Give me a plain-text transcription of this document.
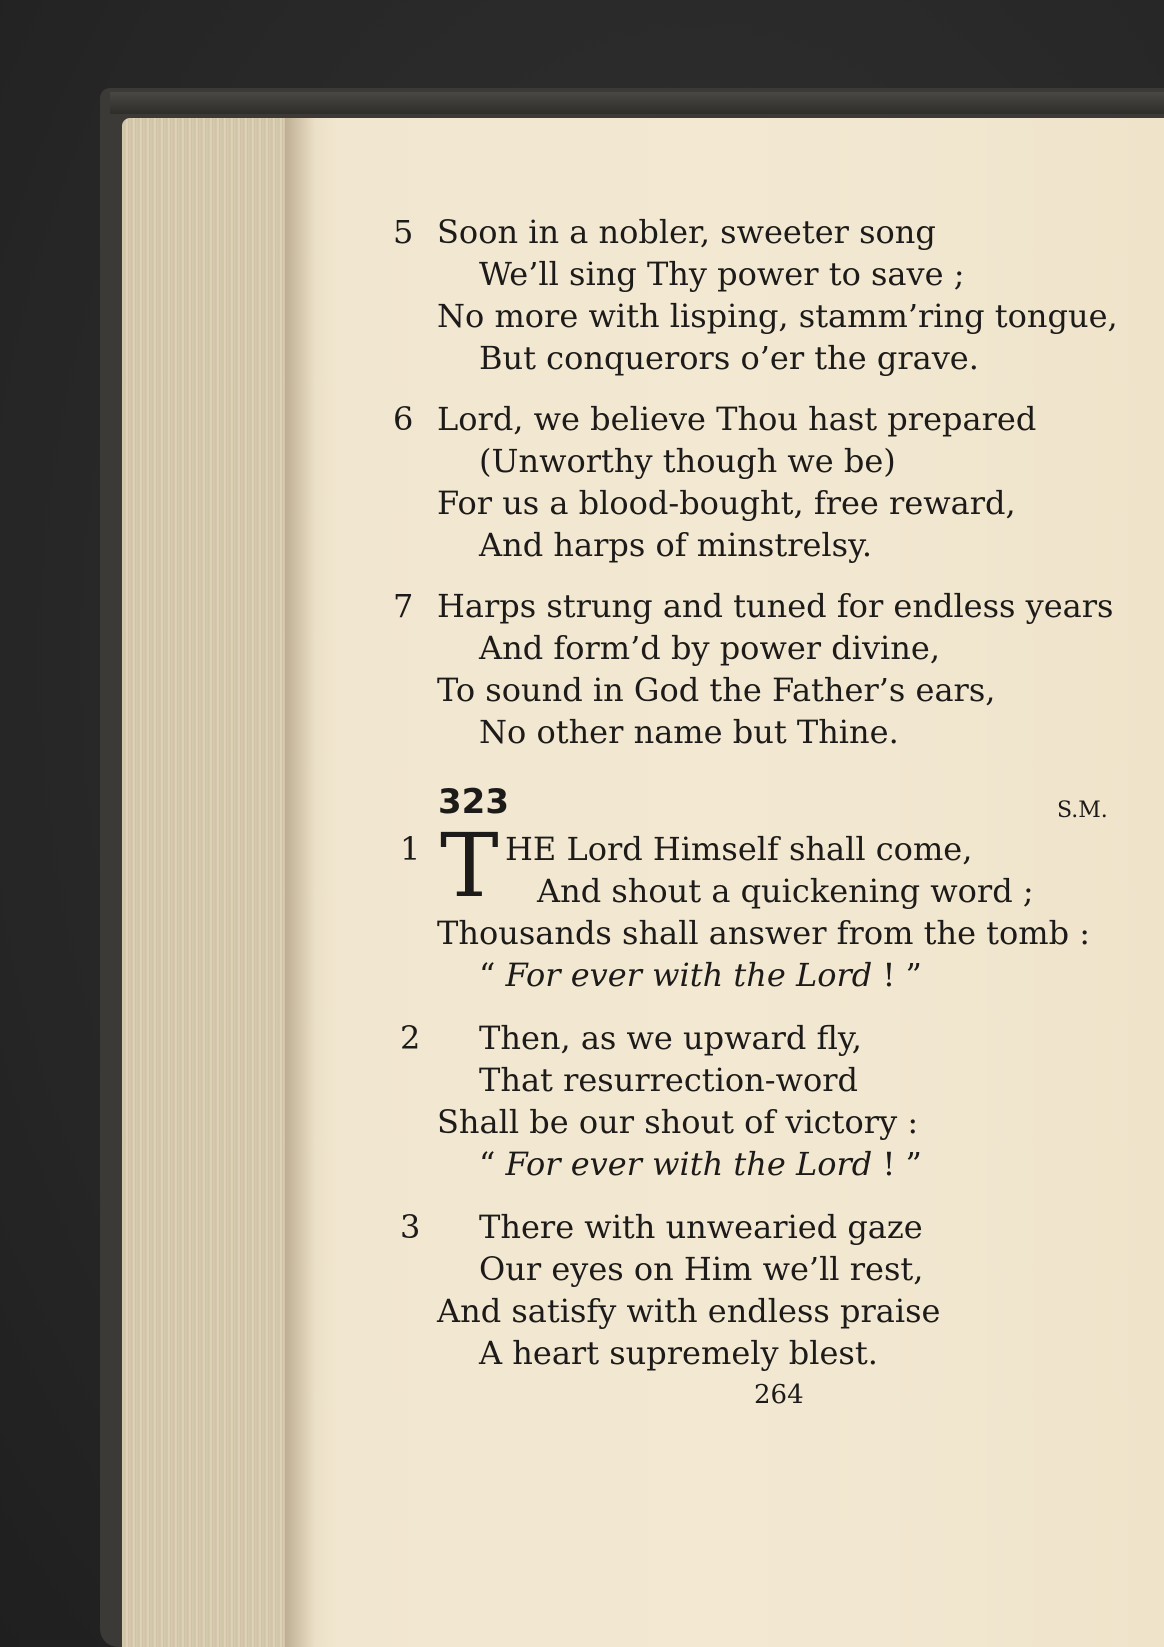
5 Soon in a nobler, sweeter song
We’ll sing Thy power to save ;
No more with lisping, stamm’ring tongue,
But conquerors o’er the grave.
6 Lord, we believe Thou hast prepared
(Unworthy though we be)
For us a blood-bought, free reward,
And harps of minstrelsy.
7 Harps strung and tuned for endless years
And form’d by power divine,
To sound in God the Father’s ears,
No other name but Thine.
323	S.M.
1 T HE Lord Himself shall come,
And shout a quickening word ;
Thousands shall answer from the tomb :
“ For ever with the Lord ! ”
2 Then, as we upward fly,
That resurrection-word
Shall be our shout of victory :
“ For ever with the Lord ! ”
3 There with unwearied gaze
Our eyes on Him we’ll rest,
And satisfy with endless praise
A heart supremely blest.
264
